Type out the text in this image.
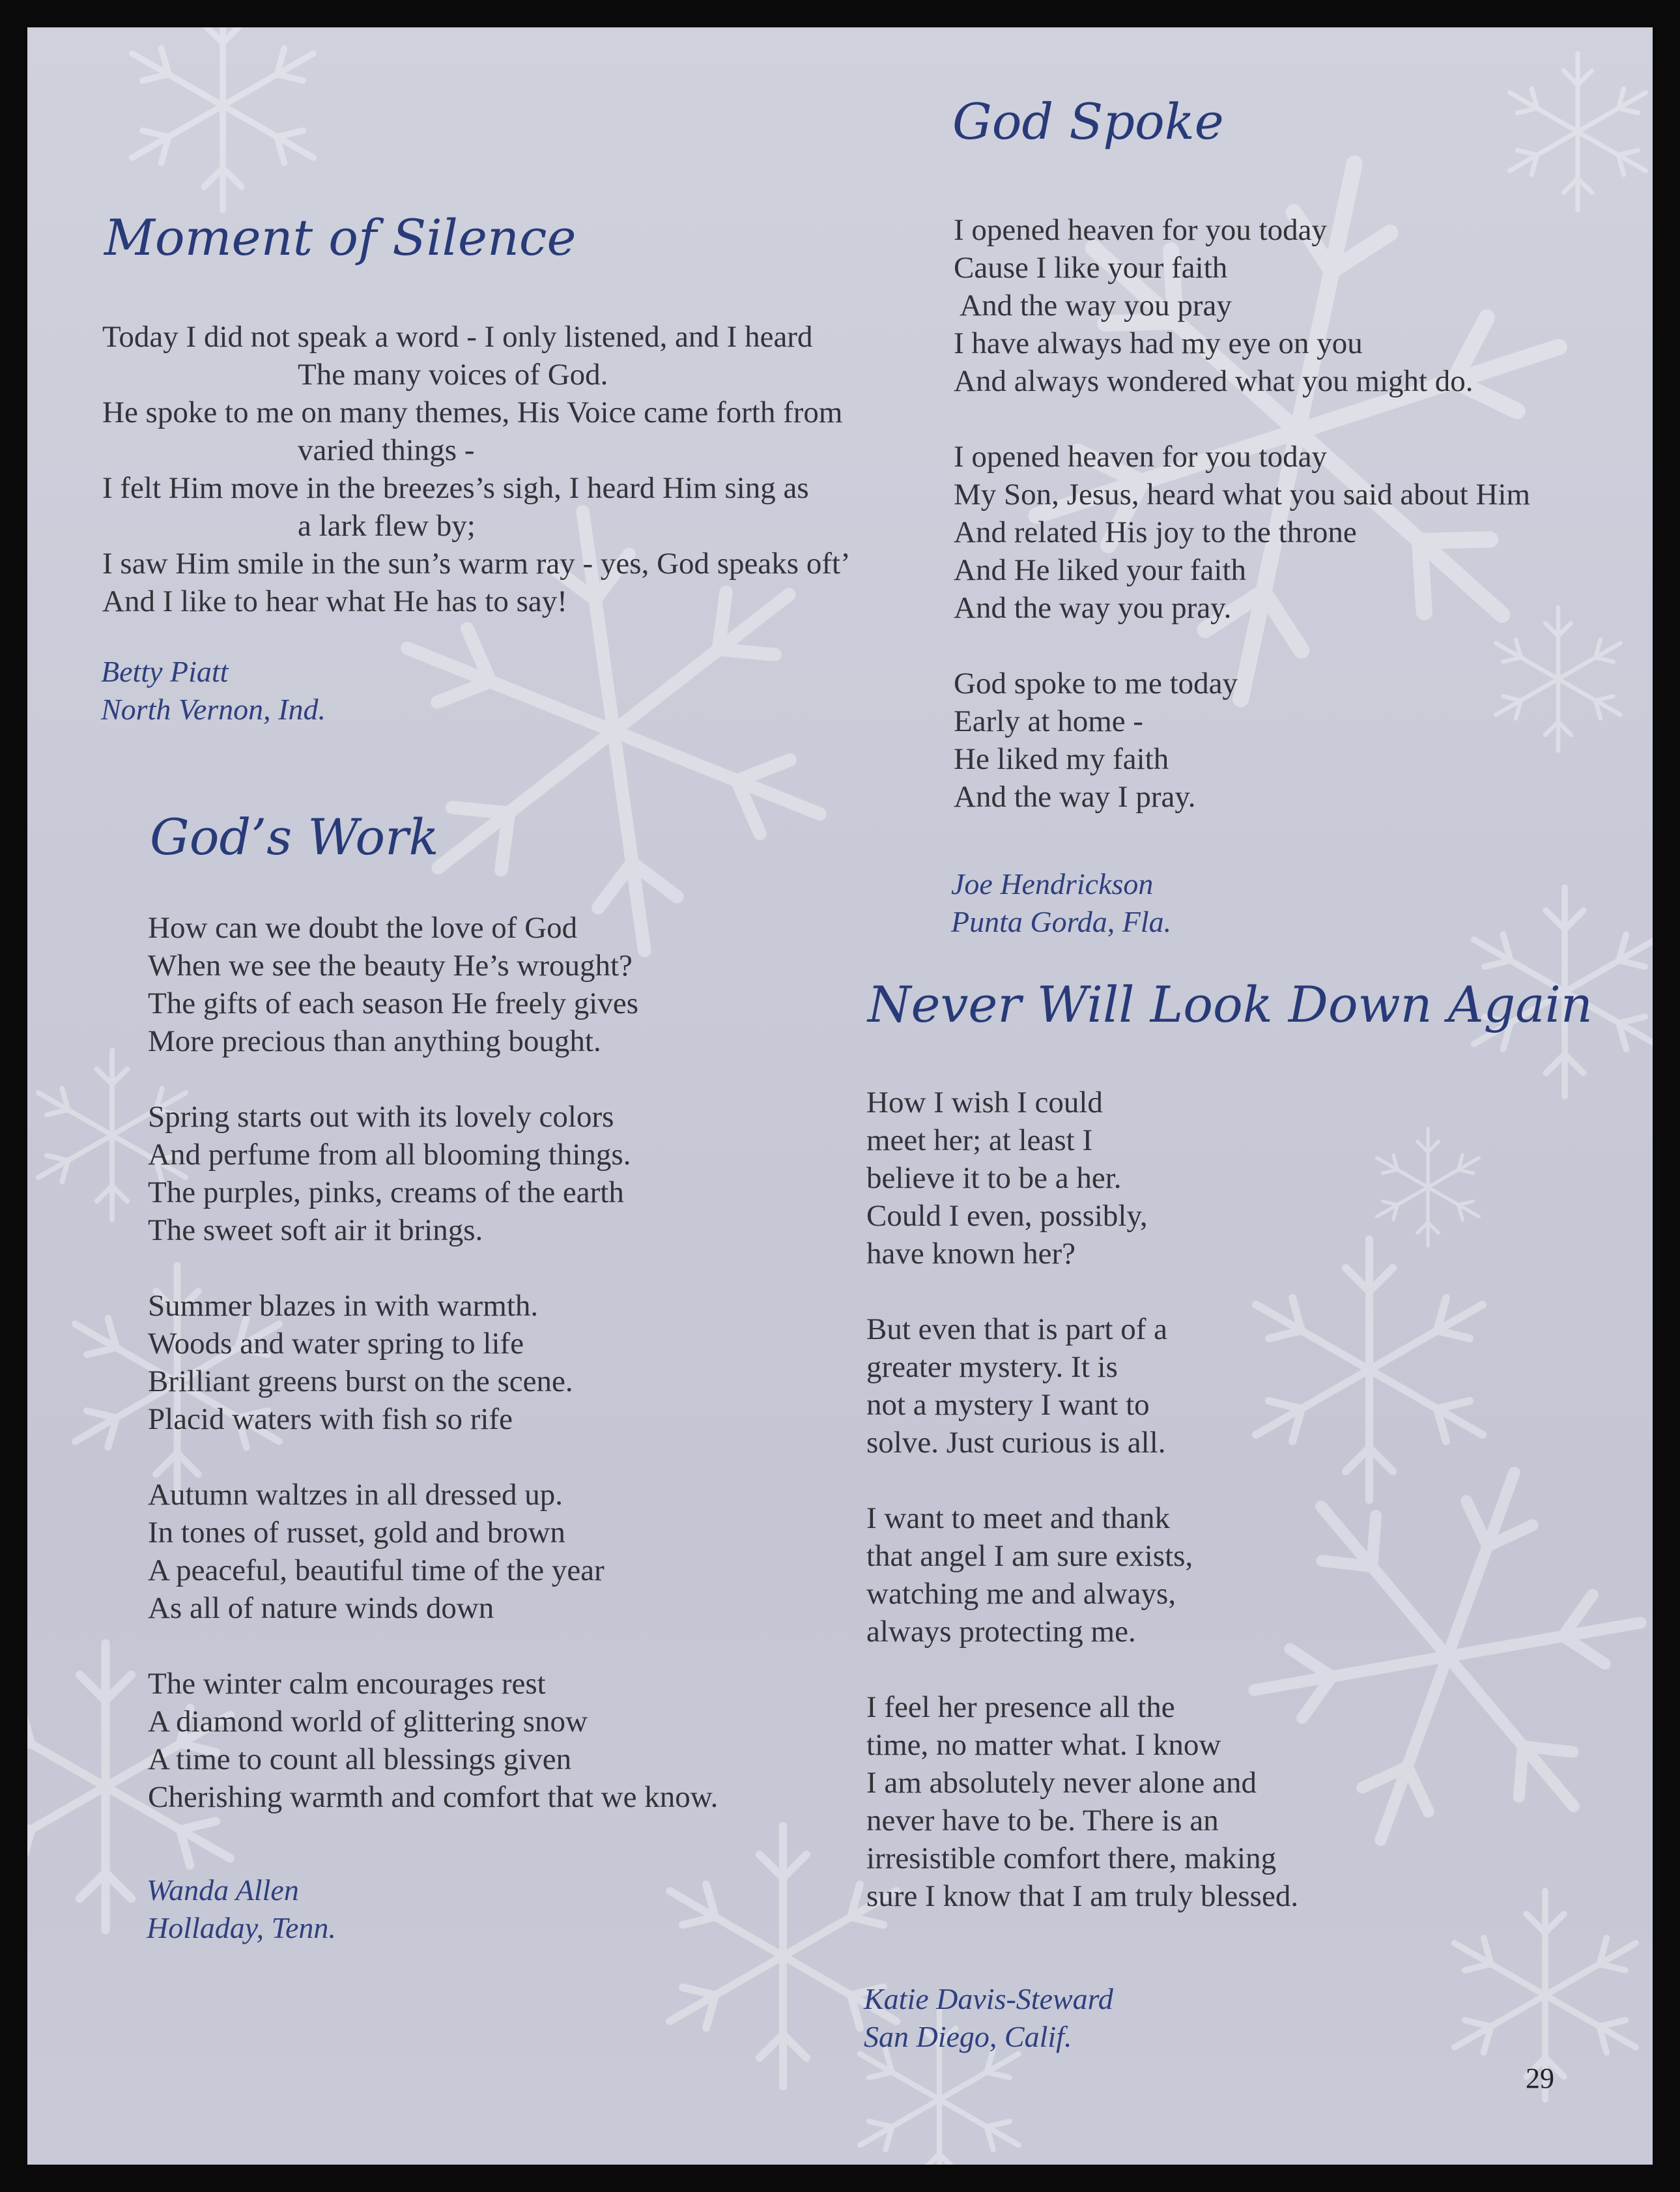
Moment of Silence
Today I did not speak a word - I only listened, and I heard
The many voices of God.
He spoke to me on many themes, His Voice came forth from
varied things -
I felt Him move in the breezes’s sigh, I heard Him sing as
a lark flew by;
I saw Him smile in the sun’s warm ray - yes, God speaks oft’
And I like to hear what He has to say!
Betty Piatt
North Vernon, Ind.
God’s Work
How can we doubt the love of God
When we see the beauty He’s wrought?
The gifts of each season He freely gives
More precious than anything bought.
Spring starts out with its lovely colors
And perfume from all blooming things.
The purples, pinks, creams of the earth
The sweet soft air it brings.
Summer blazes in with warmth.
Woods and water spring to life
Brilliant greens burst on the scene.
Placid waters with fish so rife
Autumn waltzes in all dressed up.
In tones of russet, gold and brown
A peaceful, beautiful time of the year
As all of nature winds down
The winter calm encourages rest
A diamond world of glittering snow
A time to count all blessings given
Cherishing warmth and comfort that we know.
Wanda Allen
Holladay, Tenn.
God Spoke
I opened heaven for you today
Cause I like your faith
And the way you pray
I have always had my eye on you
And always wondered what you might do.
I opened heaven for you today
My Son, Jesus, heard what you said about Him
And related His joy to the throne
And He liked your faith
And the way you pray.
God spoke to me today
Early at home -
He liked my faith
And the way I pray.
Joe Hendrickson
Punta Gorda, Fla.
Never Will Look Down Again
How I wish I could
meet her; at least I
believe it to be a her.
Could I even, possibly,
have known her?
But even that is part of a
greater mystery. It is
not a mystery I want to
solve. Just curious is all.
I want to meet and thank
that angel I am sure exists,
watching me and always,
always protecting me.
I feel her presence all the
time, no matter what. I know
I am absolutely never alone and
never have to be. There is an
irresistible comfort there, making
sure I know that I am truly blessed.
Katie Davis-Steward
San Diego, Calif.
29
